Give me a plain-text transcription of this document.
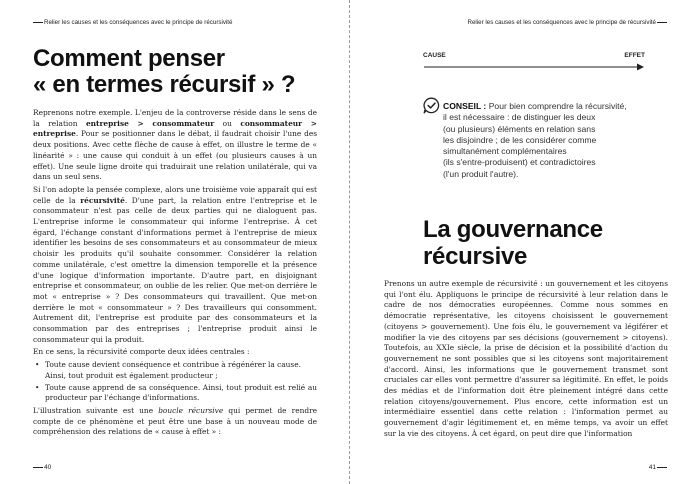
Relier les causes et les conséquences avec le principe de récursivité
Comment penser
« en termes récursif » ?

Reprenons notre exemple. L'enjeu de la controverse réside dans le sens de la relation entreprise > consommateur ou consommateur > entreprise. Pour se positionner dans le débat, il faudrait choisir l'une des deux positions. Avec cette flèche de cause à effet, on illustre le terme de « linéarité » : une cause qui conduit à un effet (ou plusieurs causes à un effet). Une seule ligne droite qui traduirait une relation unilatérale, qui va dans un seul sens.

Si l'on adopte la pensée complexe, alors une troisième voie apparaît qui est celle de la récursivité. D'une part, la relation entre l'entreprise et le consommateur n'est pas celle de deux parties qui ne dialoguent pas. L'entreprise informe le consommateur qui informe l'entreprise. À cet égard, l'échange constant d'informations permet à l'entreprise de mieux identifier les besoins de ses consommateurs et au consommateur de mieux choisir les produits qu'il souhaite consommer. Considérer la relation comme unilatérale, c'est omettre la dimension temporelle et la présence d'une logique d'information importante. D'autre part, en disjoignant entreprise et consommateur, on oublie de les relier. Que met-on derrière le mot « entreprise » ? Des consommateurs qui travaillent. Que met-on derrière le mot « consommateur » ? Des travailleurs qui consomment. Autrement dit, l'entreprise est produite par des consommateurs et la consommation par des entreprises ; l'entreprise produit ainsi le consommateur qui la produit.

En ce sens, la récursivité comporte deux idées centrales :

• Toute cause devient conséquence et contribue à régénérer la cause.
Ainsi, tout produit est également producteur ;
• Toute cause apprend de sa conséquence. Ainsi, tout produit est relié au producteur par l'échange d'informations.

L'illustration suivante est une boucle récursive qui permet de rendre compte de ce phénomène et peut être une base à un nouveau mode de compréhension des relations de « cause à effet » :

40
Relier les causes et les conséquences avec le principe de récursivité
CAUSE	EFFET
CONSEIL : Pour bien comprendre la récursivité,
il est nécessaire : de distinguer les deux
(ou plusieurs) éléments en relation sans
les disjoindre ; de les considérer comme
simultanément complémentaires
(ils s'entre-produisent) et contradictoires
(l'un produit l'autre).
La gouvernance
récursive

Prenons un autre exemple de récursivité : un gouvernement et les citoyens qui l'ont élu. Appliquons le principe de récursivité à leur relation dans le cadre de nos démocraties européennes. Comme nous sommes en démocratie représentative, les citoyens choisissent le gouvernement (citoyens > gouvernement). Une fois élu, le gouvernement va légiférer et modifier la vie des citoyens par ses décisions (gouvernement > citoyens). Toutefois, au XXIe siècle, la prise de décision et la possibilité d'action du gouvernement ne sont possibles que si les citoyens sont majoritairement d'accord. Ainsi, les informations que le gouvernement transmet sont cruciales car elles vont permettre d'assurer sa légitimité. En effet, le poids des médias et de l'information doit être pleinement intégré dans cette relation citoyens/gouvernement. Plus encore, cette information est un intermédiaire essentiel dans cette relation : l'information permet au gouvernement d'agir légitimement et, en même temps, va avoir un effet sur la vie des citoyens. À cet égard, on peut dire que l'information

41
